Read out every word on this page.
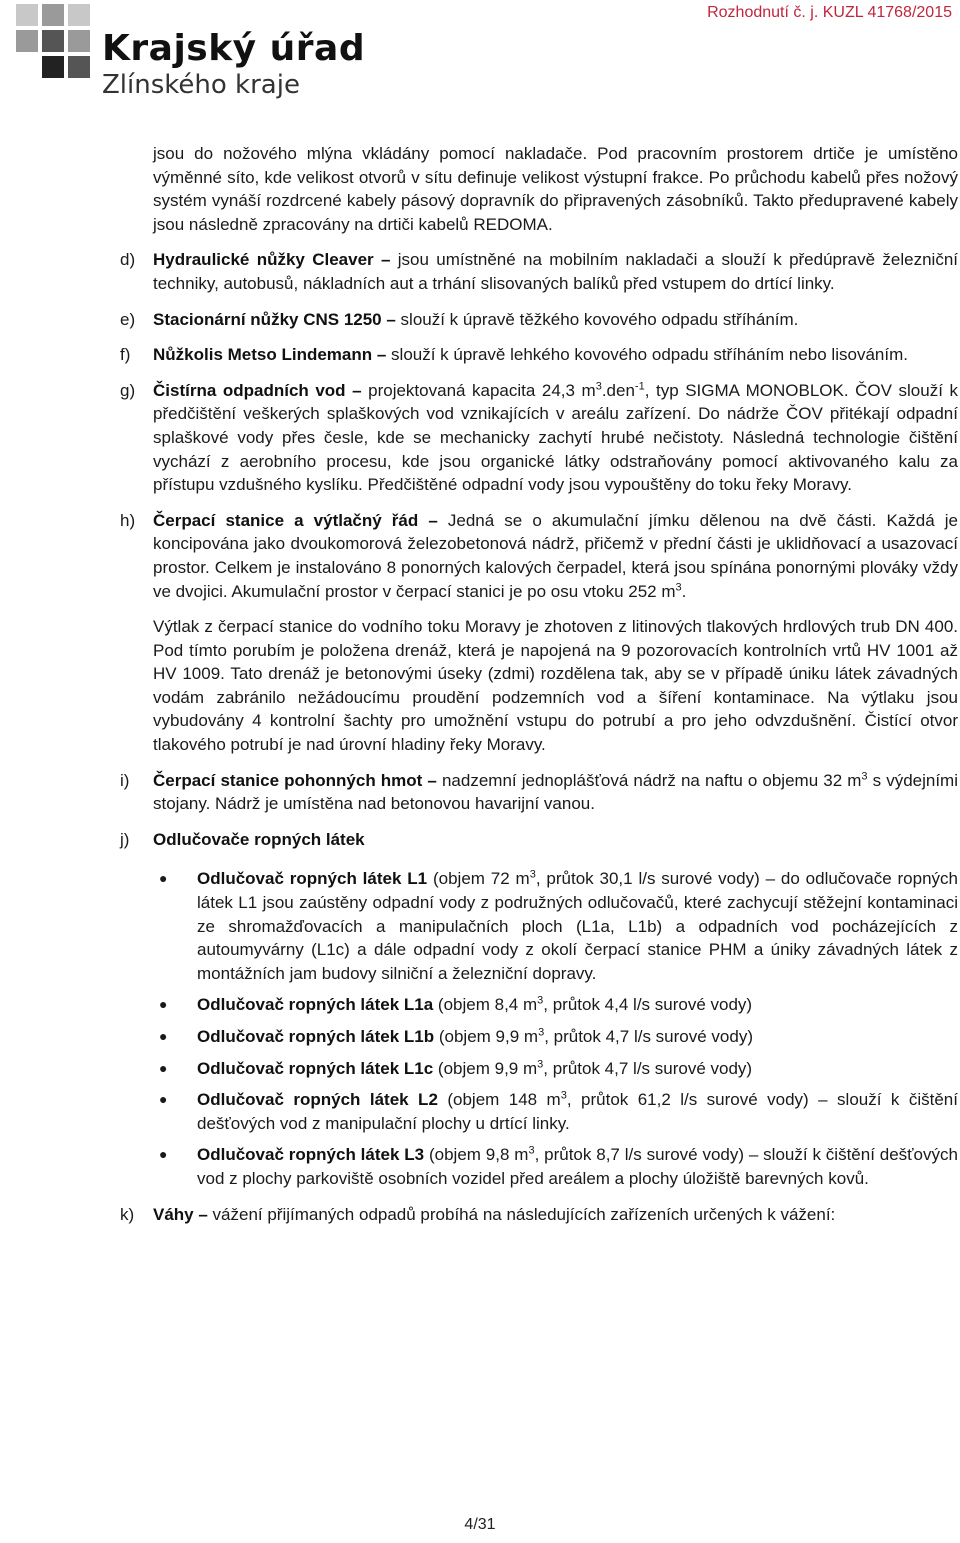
Krajský úřad
Zlínského kraje
Rozhodnutí č. j. KUZL 41768/2015

jsou do nožového mlýna vkládány pomocí nakladače. Pod pracovním prostorem drtiče je umístěno výměnné síto, kde velikost otvorů v sítu definuje velikost výstupní frakce. Po průchodu kabelů přes nožový systém vynáší rozdrcené kabely pásový dopravník do připravených zásobníků. Takto předupravené kabely jsou následně zpracovány na drtiči kabelů REDOMA.

d)	Hydraulické nůžky Cleaver – jsou umístněné na mobilním nakladači a slouží k předúpravě železniční techniky, autobusů, nákladních aut a trhání slisovaných balíků před vstupem do drtící linky.
e)	Stacionární nůžky CNS 1250 – slouží k úpravě těžkého kovového odpadu stříháním.
f)	Nůžkolis Metso Lindemann – slouží k úpravě lehkého kovového odpadu stříháním nebo lisováním.
g)	Čistírna odpadních vod – projektovaná kapacita 24,3 $m^3.den^{-1}$, typ SIGMA MONOBLOK. ČOV slouží k předčištění veškerých splaškových vod vznikajících v areálu zařízení. Do nádrže ČOV přitékají odpadní splaškové vody přes česle, kde se mechanicky zachytí hrubé nečistoty. Následná technologie čištění vychází z aerobního procesu, kde jsou organické látky odstraňovány pomocí aktivovaného kalu za přístupu vzdušného kyslíku. Předčištěné odpadní vody jsou vypouštěny do toku řeky Moravy.
h)	Čerpací stanice a výtlačný řád – Jedná se o akumulační jímku dělenou na dvě části. Každá je koncipována jako dvoukomorová železobetonová nádrž, přičemž v přední části je uklidňovací a usazovací prostor. Celkem je instalováno 8 ponorných kalových čerpadel, která jsou spínána ponornými plováky vždy ve dvojici. Akumulační prostor v čerpací stanici je po osu vtoku 252 $m^3$.

Výtlak z čerpací stanice do vodního toku Moravy je zhotoven z litinových tlakových hrdlových trub DN 400. Pod tímto porubím je položena drenáž, která je napojená na 9 pozorovacích kontrolních vrtů HV 1001 až HV 1009. Tato drenáž je betonovými úseky (zdmi) rozdělena tak, aby se v případě úniku látek závadných vodám zabránilo nežádoucímu proudění podzemních vod a šíření kontaminace. Na výtlaku jsou vybudovány 4 kontrolní šachty pro umožnění vstupu do potrubí a pro jeho odvzdušnění. Čistící otvor tlakového potrubí je nad úrovní hladiny řeky Moravy.

i)	Čerpací stanice pohonných hmot – nadzemní jednoplášťová nádrž na naftu o objemu 32 $m^3$ s výdejními stojany. Nádrž je umístěna nad betonovou havarijní vanou.
j)	Odlučovače ropných látek
●	Odlučovač ropných látek L1 (objem 72 $m^3$, průtok 30,1 l/s surové vody) – do odlučovače ropných látek L1 jsou zaústěny odpadní vody z podružných odlučovačů, které zachycují stěžejní kontaminaci ze shromažďovacích a manipulačních ploch (L1a, L1b) a odpadních vod pocházejících z autoumyvárny (L1c) a dále odpadní vody z okolí čerpací stanice PHM a úniky závadných látek z montážních jam budovy silniční a železniční dopravy.
●	Odlučovač ropných látek L1a (objem 8,4 $m^3$, průtok 4,4 l/s surové vody)
●	Odlučovač ropných látek L1b (objem 9,9 $m^3$, průtok 4,7 l/s surové vody)
●	Odlučovač ropných látek L1c (objem 9,9 $m^3$, průtok 4,7 l/s surové vody)
●	Odlučovač ropných látek L2 (objem 148 $m^3$, průtok 61,2 l/s surové vody) – slouží k čištění dešťových vod z manipulační plochy u drtící linky.
●	Odlučovač ropných látek L3 (objem 9,8 $m^3$, průtok 8,7 l/s surové vody) – slouží k čištění dešťových vod z plochy parkoviště osobních vozidel před areálem a plochy úložiště barevných kovů.
k)	Váhy – vážení přijímaných odpadů probíhá na následujících zařízeních určených k vážení:
4/31
